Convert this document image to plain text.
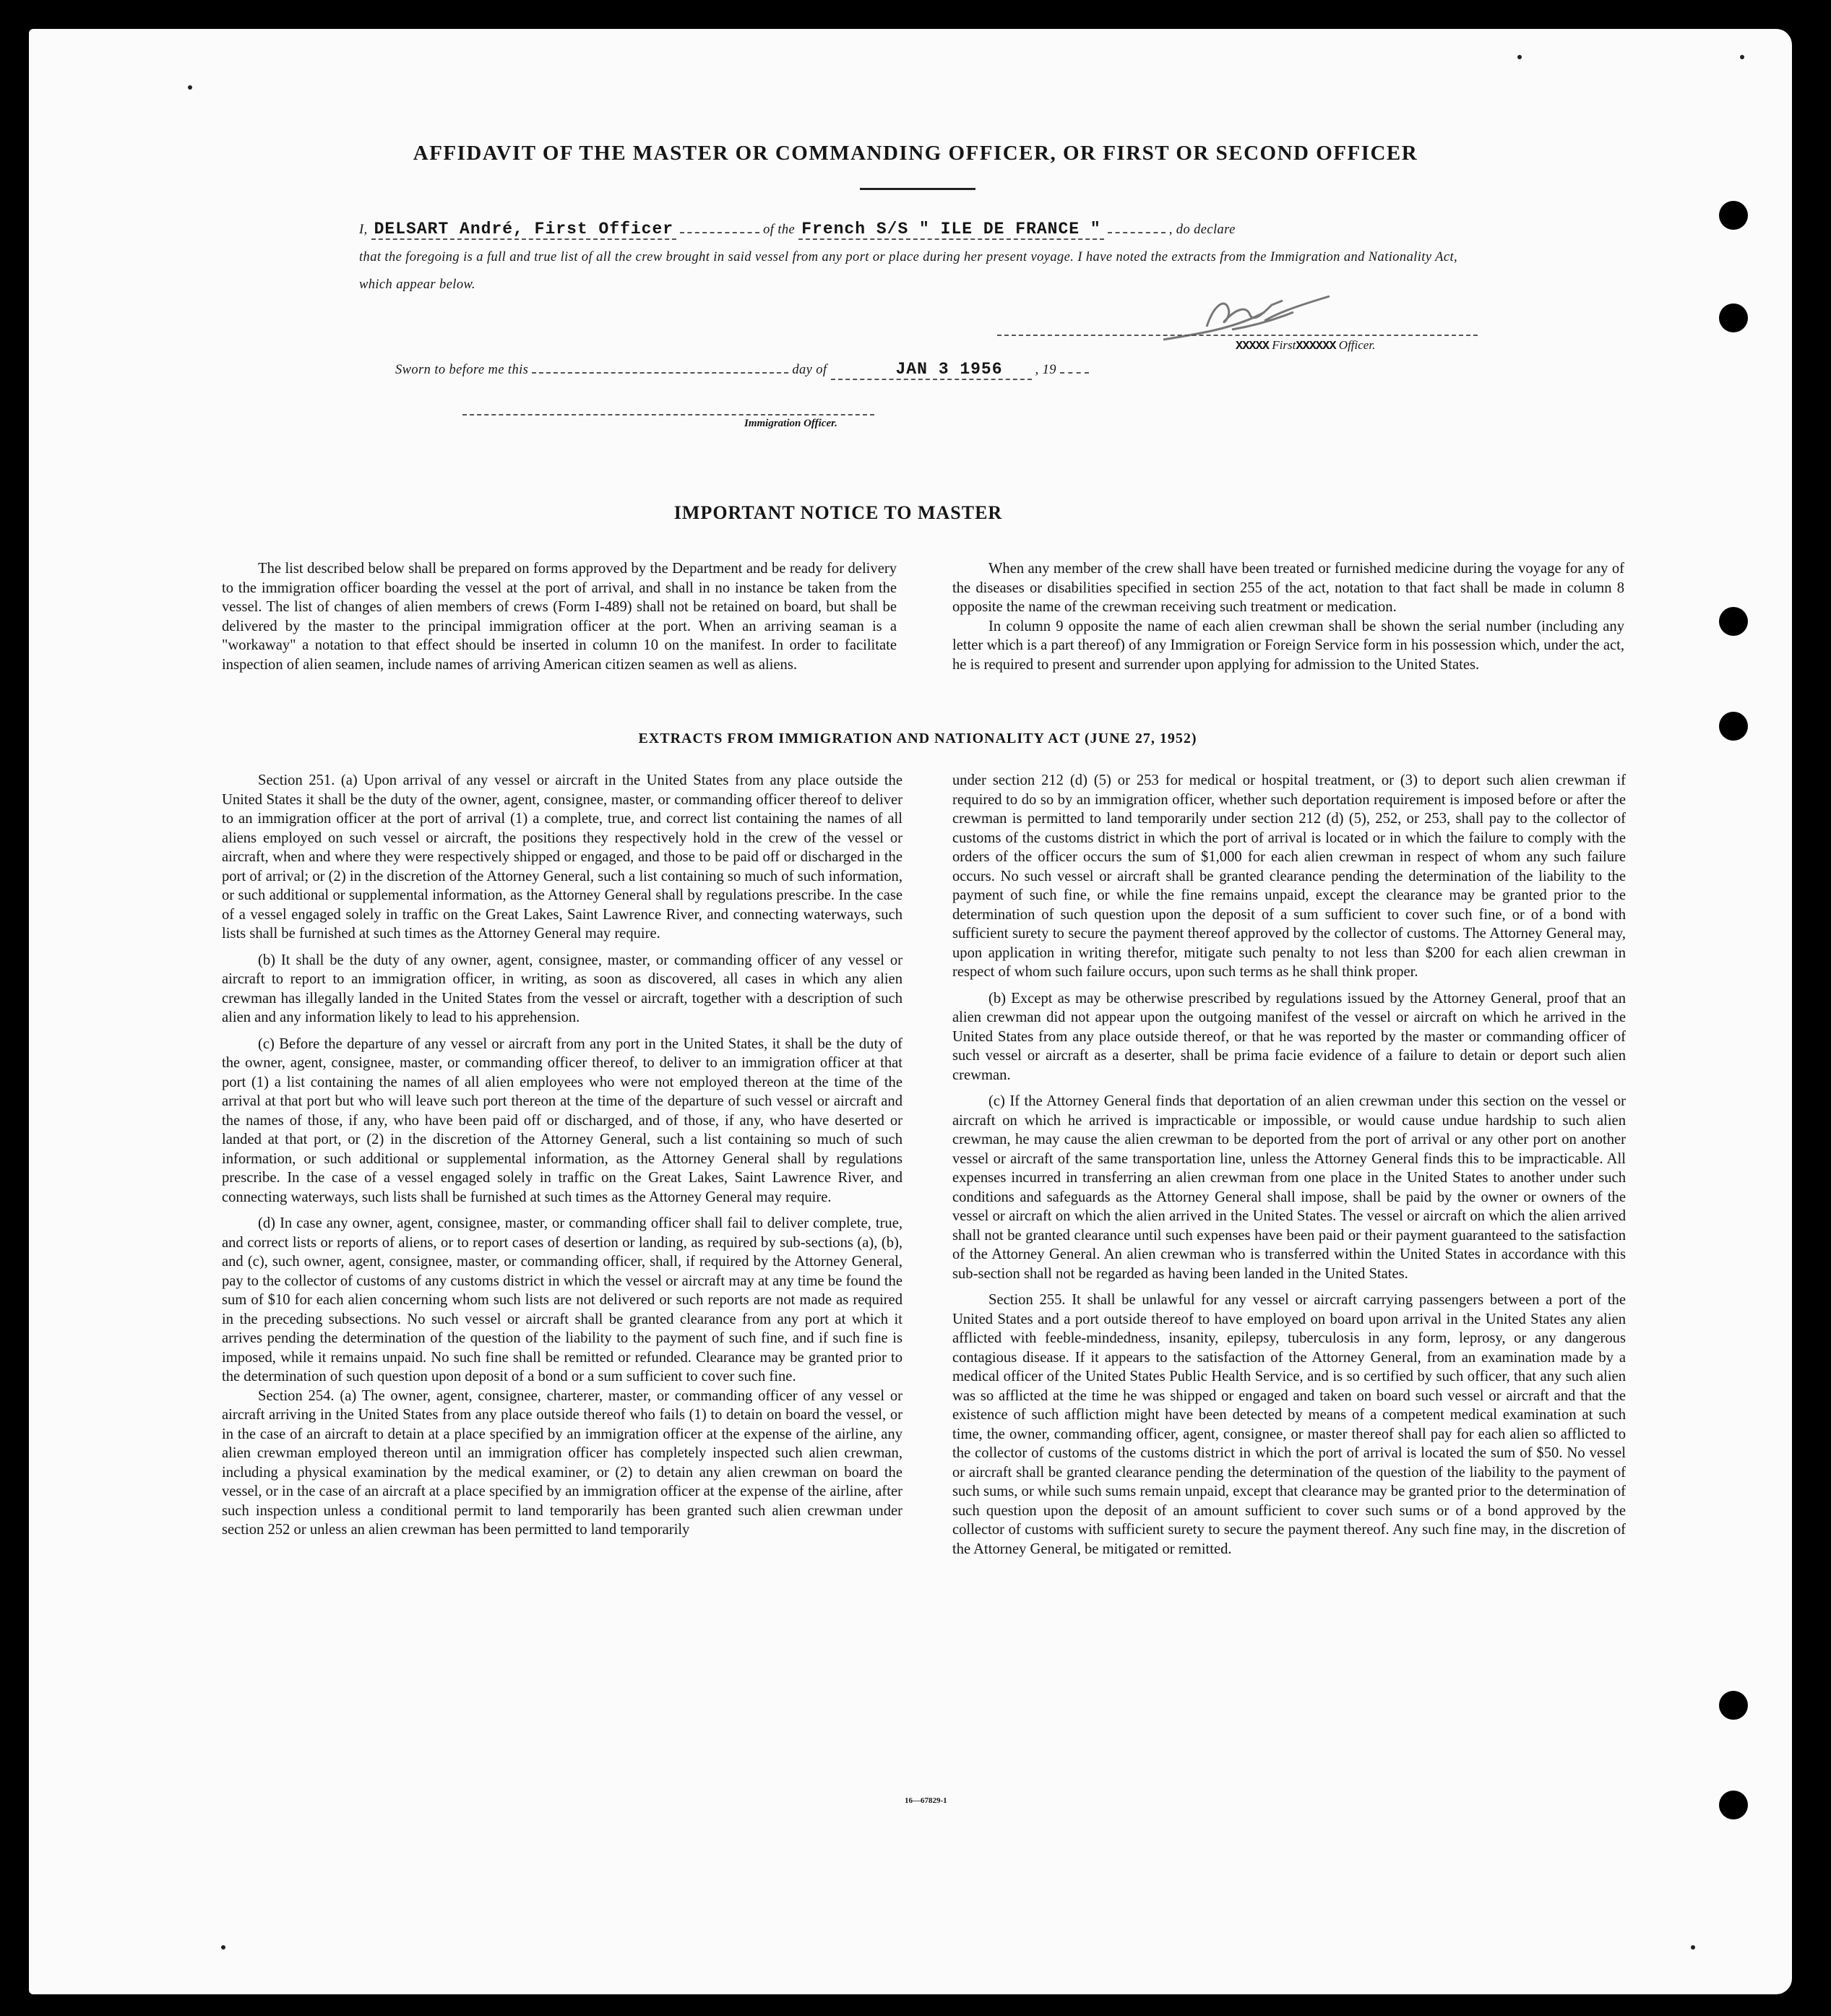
AFFIDAVIT OF THE MASTER OR COMMANDING OFFICER, OR FIRST OR SECOND OFFICER
I, DELSART André, First Officer	of the French S/S " ILE DE FRANCE "	, do declare
that the foregoing is a full and true list of all the crew brought in said vessel from any port or place during her present voyage. I have noted the extracts from the Immigration and Nationality Act, which appear below.
XXXXX FirstXXXXXX Officer.
Sworn to before me this	day of	JAN 3 1956 , 19
Immigration Officer.
IMPORTANT NOTICE TO MASTER

The list described below shall be prepared on forms approved by the Department and be ready for delivery to the immigration officer boarding the vessel at the port of arrival, and shall in no instance be taken from the vessel. The list of changes of alien members of crews (Form I-489) shall not be retained on board, but shall be delivered by the master to the principal immigration officer at the port. When an arriving seaman is a "workaway" a notation to that effect should be inserted in column 10 on the manifest. In order to facilitate inspection of alien seamen, include names of arriving American citizen seamen as well as aliens.

When any member of the crew shall have been treated or furnished medicine during the voyage for any of the diseases or disabilities specified in section 255 of the act, notation to that fact shall be made in column 8 opposite the name of the crewman receiving such treatment or medication.

In column 9 opposite the name of each alien crewman shall be shown the serial number (including any letter which is a part thereof) of any Immigration or Foreign Service form in his possession which, under the act, he is required to present and surrender upon applying for admission to the United States.

EXTRACTS FROM IMMIGRATION AND NATIONALITY ACT (JUNE 27, 1952)

Section 251. (a) Upon arrival of any vessel or aircraft in the United States from any place outside the United States it shall be the duty of the owner, agent, consignee, master, or commanding officer thereof to deliver to an immigration officer at the port of arrival (1) a complete, true, and correct list containing the names of all aliens employed on such vessel or aircraft, the positions they respectively hold in the crew of the vessel or aircraft, when and where they were respectively shipped or engaged, and those to be paid off or discharged in the port of arrival; or (2) in the discretion of the Attorney General, such a list containing so much of such information, or such additional or supplemental information, as the Attorney General shall by regulations prescribe. In the case of a vessel engaged solely in traffic on the Great Lakes, Saint Lawrence River, and connecting waterways, such lists shall be furnished at such times as the Attorney General may require.

(b) It shall be the duty of any owner, agent, consignee, master, or commanding officer of any vessel or aircraft to report to an immigration officer, in writing, as soon as discovered, all cases in which any alien crewman has illegally landed in the United States from the vessel or aircraft, together with a description of such alien and any information likely to lead to his apprehension.

(c) Before the departure of any vessel or aircraft from any port in the United States, it shall be the duty of the owner, agent, consignee, master, or commanding officer thereof, to deliver to an immigration officer at that port (1) a list containing the names of all alien employees who were not employed thereon at the time of the arrival at that port but who will leave such port thereon at the time of the departure of such vessel or aircraft and the names of those, if any, who have been paid off or discharged, and of those, if any, who have deserted or landed at that port, or (2) in the discretion of the Attorney General, such a list containing so much of such information, or such additional or supplemental information, as the Attorney General shall by regulations prescribe. In the case of a vessel engaged solely in traffic on the Great Lakes, Saint Lawrence River, and connecting waterways, such lists shall be furnished at such times as the Attorney General may require.

(d) In case any owner, agent, consignee, master, or commanding officer shall fail to deliver complete, true, and correct lists or reports of aliens, or to report cases of desertion or landing, as required by sub-sections (a), (b), and (c), such owner, agent, consignee, master, or commanding officer, shall, if required by the Attorney General, pay to the collector of customs of any customs district in which the vessel or aircraft may at any time be found the sum of $10 for each alien concerning whom such lists are not delivered or such reports are not made as required in the preceding subsections. No such vessel or aircraft shall be granted clearance from any port at which it arrives pending the determination of the question of the liability to the payment of such fine, and if such fine is imposed, while it remains unpaid. No such fine shall be remitted or refunded. Clearance may be granted prior to the determination of such question upon deposit of a bond or a sum sufficient to cover such fine.

Section 254. (a) The owner, agent, consignee, charterer, master, or commanding officer of any vessel or aircraft arriving in the United States from any place outside thereof who fails (1) to detain on board the vessel, or in the case of an aircraft to detain at a place specified by an immigration officer at the expense of the airline, any alien crewman employed thereon until an immigration officer has completely inspected such alien crewman, including a physical examination by the medical examiner, or (2) to detain any alien crewman on board the vessel, or in the case of an aircraft at a place specified by an immigration officer at the expense of the airline, after such inspection unless a conditional permit to land temporarily has been granted such alien crewman under section 252 or unless an alien crewman has been permitted to land temporarily

under section 212 (d) (5) or 253 for medical or hospital treatment, or (3) to deport such alien crewman if required to do so by an immigration officer, whether such deportation requirement is imposed before or after the crewman is permitted to land temporarily under section 212 (d) (5), 252, or 253, shall pay to the collector of customs of the customs district in which the port of arrival is located or in which the failure to comply with the orders of the officer occurs the sum of $1,000 for each alien crewman in respect of whom any such failure occurs. No such vessel or aircraft shall be granted clearance pending the determination of the liability to the payment of such fine, or while the fine remains unpaid, except the clearance may be granted prior to the determination of such question upon the deposit of a sum sufficient to cover such fine, or of a bond with sufficient surety to secure the payment thereof approved by the collector of customs. The Attorney General may, upon application in writing therefor, mitigate such penalty to not less than $200 for each alien crewman in respect of whom such failure occurs, upon such terms as he shall think proper.

(b) Except as may be otherwise prescribed by regulations issued by the Attorney General, proof that an alien crewman did not appear upon the outgoing manifest of the vessel or aircraft on which he arrived in the United States from any place outside thereof, or that he was reported by the master or commanding officer of such vessel or aircraft as a deserter, shall be prima facie evidence of a failure to detain or deport such alien crewman.

(c) If the Attorney General finds that deportation of an alien crewman under this section on the vessel or aircraft on which he arrived is impracticable or impossible, or would cause undue hardship to such alien crewman, he may cause the alien crewman to be deported from the port of arrival or any other port on another vessel or aircraft of the same transportation line, unless the Attorney General finds this to be impracticable. All expenses incurred in transferring an alien crewman from one place in the United States to another under such conditions and safeguards as the Attorney General shall impose, shall be paid by the owner or owners of the vessel or aircraft on which the alien arrived in the United States. The vessel or aircraft on which the alien arrived shall not be granted clearance until such expenses have been paid or their payment guaranteed to the satisfaction of the Attorney General. An alien crewman who is transferred within the United States in accordance with this sub-section shall not be regarded as having been landed in the United States.

Section 255. It shall be unlawful for any vessel or aircraft carrying passengers between a port of the United States and a port outside thereof to have employed on board upon arrival in the United States any alien afflicted with feeble-mindedness, insanity, epilepsy, tuberculosis in any form, leprosy, or any dangerous contagious disease. If it appears to the satisfaction of the Attorney General, from an examination made by a medical officer of the United States Public Health Service, and is so certified by such officer, that any such alien was so afflicted at the time he was shipped or engaged and taken on board such vessel or aircraft and that the existence of such affliction might have been detected by means of a competent medical examination at such time, the owner, commanding officer, agent, consignee, or master thereof shall pay for each alien so afflicted to the collector of customs of the customs district in which the port of arrival is located the sum of $50. No vessel or aircraft shall be granted clearance pending the determination of the question of the liability to the payment of such sums, or while such sums remain unpaid, except that clearance may be granted prior to the determination of such question upon the deposit of an amount sufficient to cover such sums or of a bond approved by the collector of customs with sufficient surety to secure the payment thereof. Any such fine may, in the discretion of the Attorney General, be mitigated or remitted.

16—67829-1
